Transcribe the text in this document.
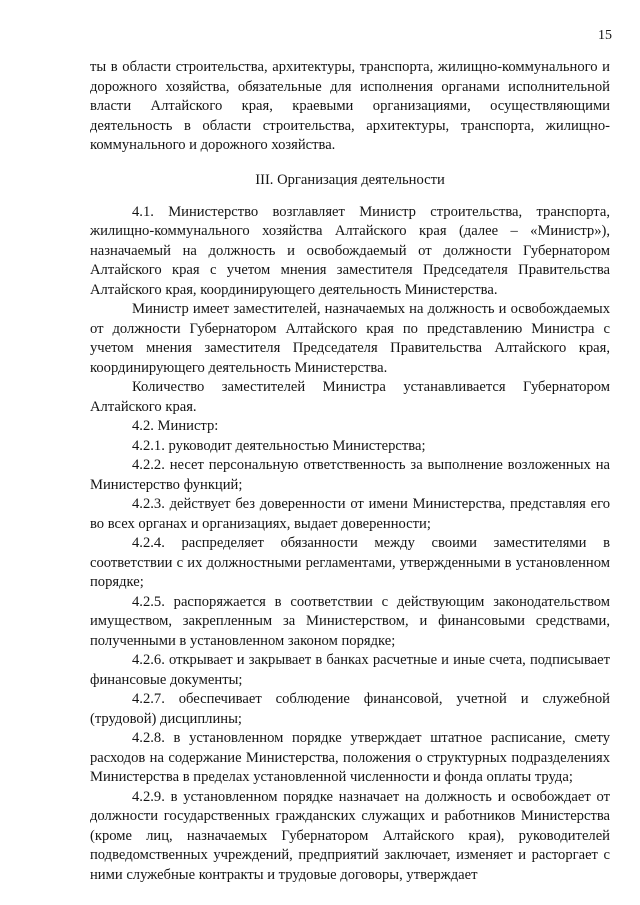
15

ты в области строительства, архитектуры, транспорта, жилищно-коммунального и дорожного хозяйства, обязательные для исполнения органами исполнительной власти Алтайского края, краевыми организациями, осуществляющими деятельность в области строительства, архитектуры, транспорта, жилищно-коммунального и дорожного хозяйства.

III. Организация деятельности

4.1. Министерство возглавляет Министр строительства, транспорта, жилищно-коммунального хозяйства Алтайского края (далее – «Министр»), назначаемый на должность и освобождаемый от должности Губернатором Алтайского края с учетом мнения заместителя Председателя Правительства Алтайского края, координирующего деятельность Министерства.

Министр имеет заместителей, назначаемых на должность и освобождаемых от должности Губернатором Алтайского края по представлению Министра с учетом мнения заместителя Председателя Правительства Алтайского края, координирующего деятельность Министерства.

Количество заместителей Министра устанавливается Губернатором Алтайского края.

4.2. Министр:

4.2.1. руководит деятельностью Министерства;

4.2.2. несет персональную ответственность за выполнение возложенных на Министерство функций;

4.2.3. действует без доверенности от имени Министерства, представляя его во всех органах и организациях, выдает доверенности;

4.2.4. распределяет обязанности между своими заместителями в соответствии с их должностными регламентами, утвержденными в установленном порядке;

4.2.5. распоряжается в соответствии с действующим законодательством имуществом, закрепленным за Министерством, и финансовыми средствами, полученными в установленном законом порядке;

4.2.6. открывает и закрывает в банках расчетные и иные счета, подписывает финансовые документы;

4.2.7. обеспечивает соблюдение финансовой, учетной и служебной (трудовой) дисциплины;

4.2.8. в установленном порядке утверждает штатное расписание, смету расходов на содержание Министерства, положения о структурных подразделениях Министерства в пределах установленной численности и фонда оплаты труда;

4.2.9. в установленном порядке назначает на должность и освобождает от должности государственных гражданских служащих и работников Министерства (кроме лиц, назначаемых Губернатором Алтайского края), руководителей подведомственных учреждений, предприятий заключает, изменяет и расторгает с ними служебные контракты и трудовые договоры, утверждает
